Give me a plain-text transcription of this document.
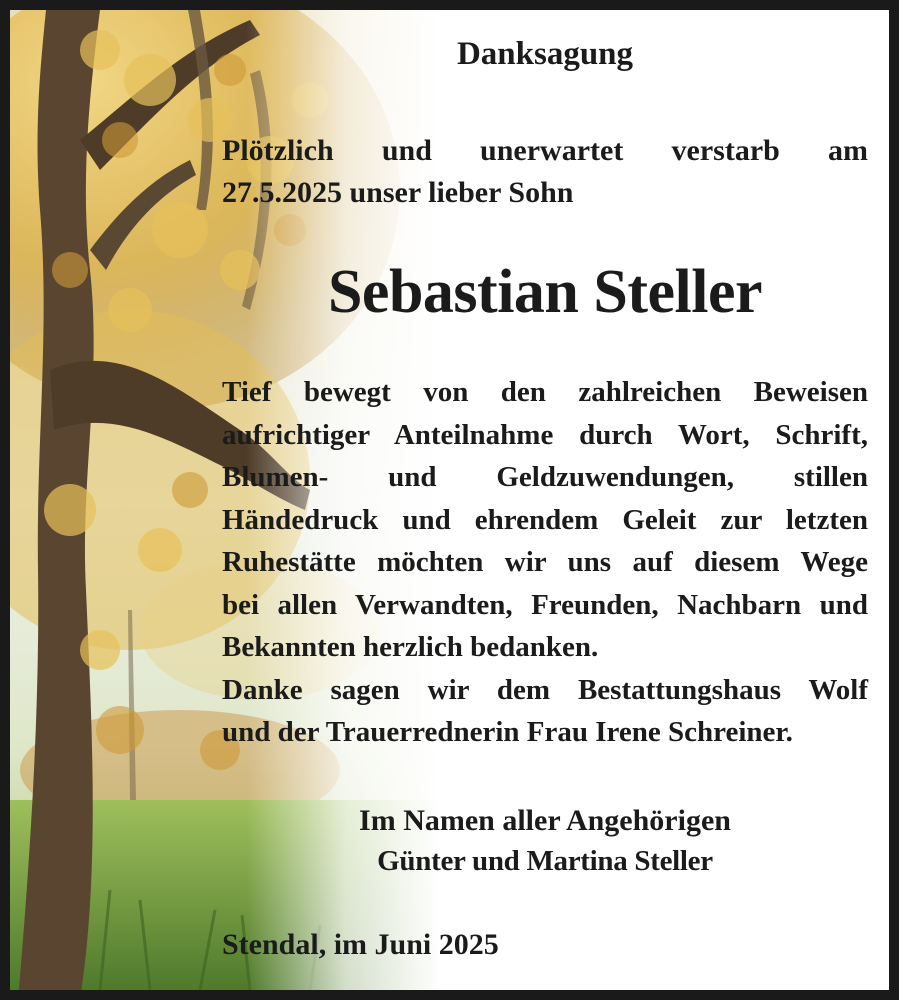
Danksagung
Plötzlich und unerwartet verstarb am
27.5.2025 unser lieber Sohn
Sebastian Steller
Tief bewegt von den zahlreichen Beweisen
aufrichtiger Anteilnahme durch Wort, Schrift,
Blumen- und Geldzuwendungen, stillen
Händedruck und ehrendem Geleit zur letzten
Ruhestätte möchten wir uns auf diesem Wege
bei allen Verwandten, Freunden, Nachbarn und
Bekannten herzlich bedanken.
Danke sagen wir dem Bestattungshaus Wolf
und der Trauerrednerin Frau Irene Schreiner.
Im Namen aller Angehörigen
Günter und Martina Steller
Stendal, im Juni 2025
